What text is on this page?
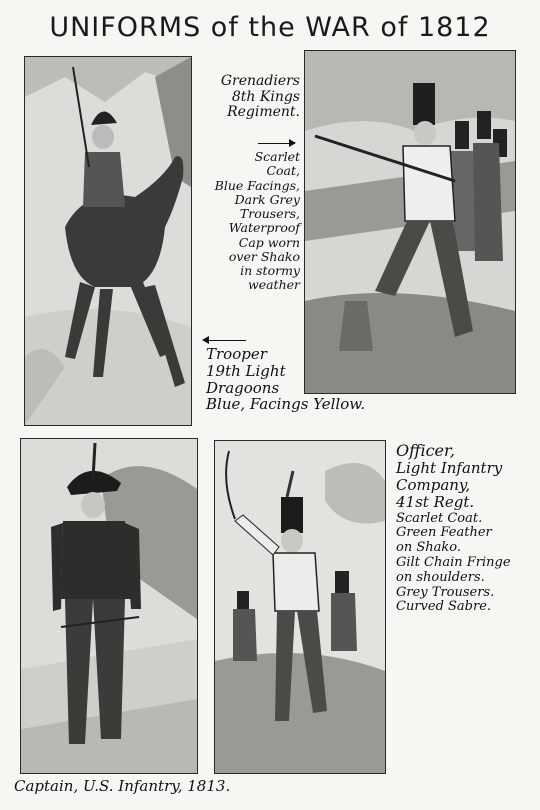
UNIFORMS of the WAR of 1812
Grenadiers
8th Kings
Regiment.
Scarlet
Coat,
Blue Facings,
Dark Grey
Trousers,
Waterproof
Cap worn
over Shako
in stormy
weather
Trooper
19th Light
Dragoons
Blue, Facings Yellow.
Officer,
Light Infantry
Company,
41st Regt.
Scarlet Coat.
Green Feather
on Shako.
Gilt Chain Fringe
on shoulders.
Grey Trousers.
Curved Sabre.
Captain, U.S. Infantry, 1813.
